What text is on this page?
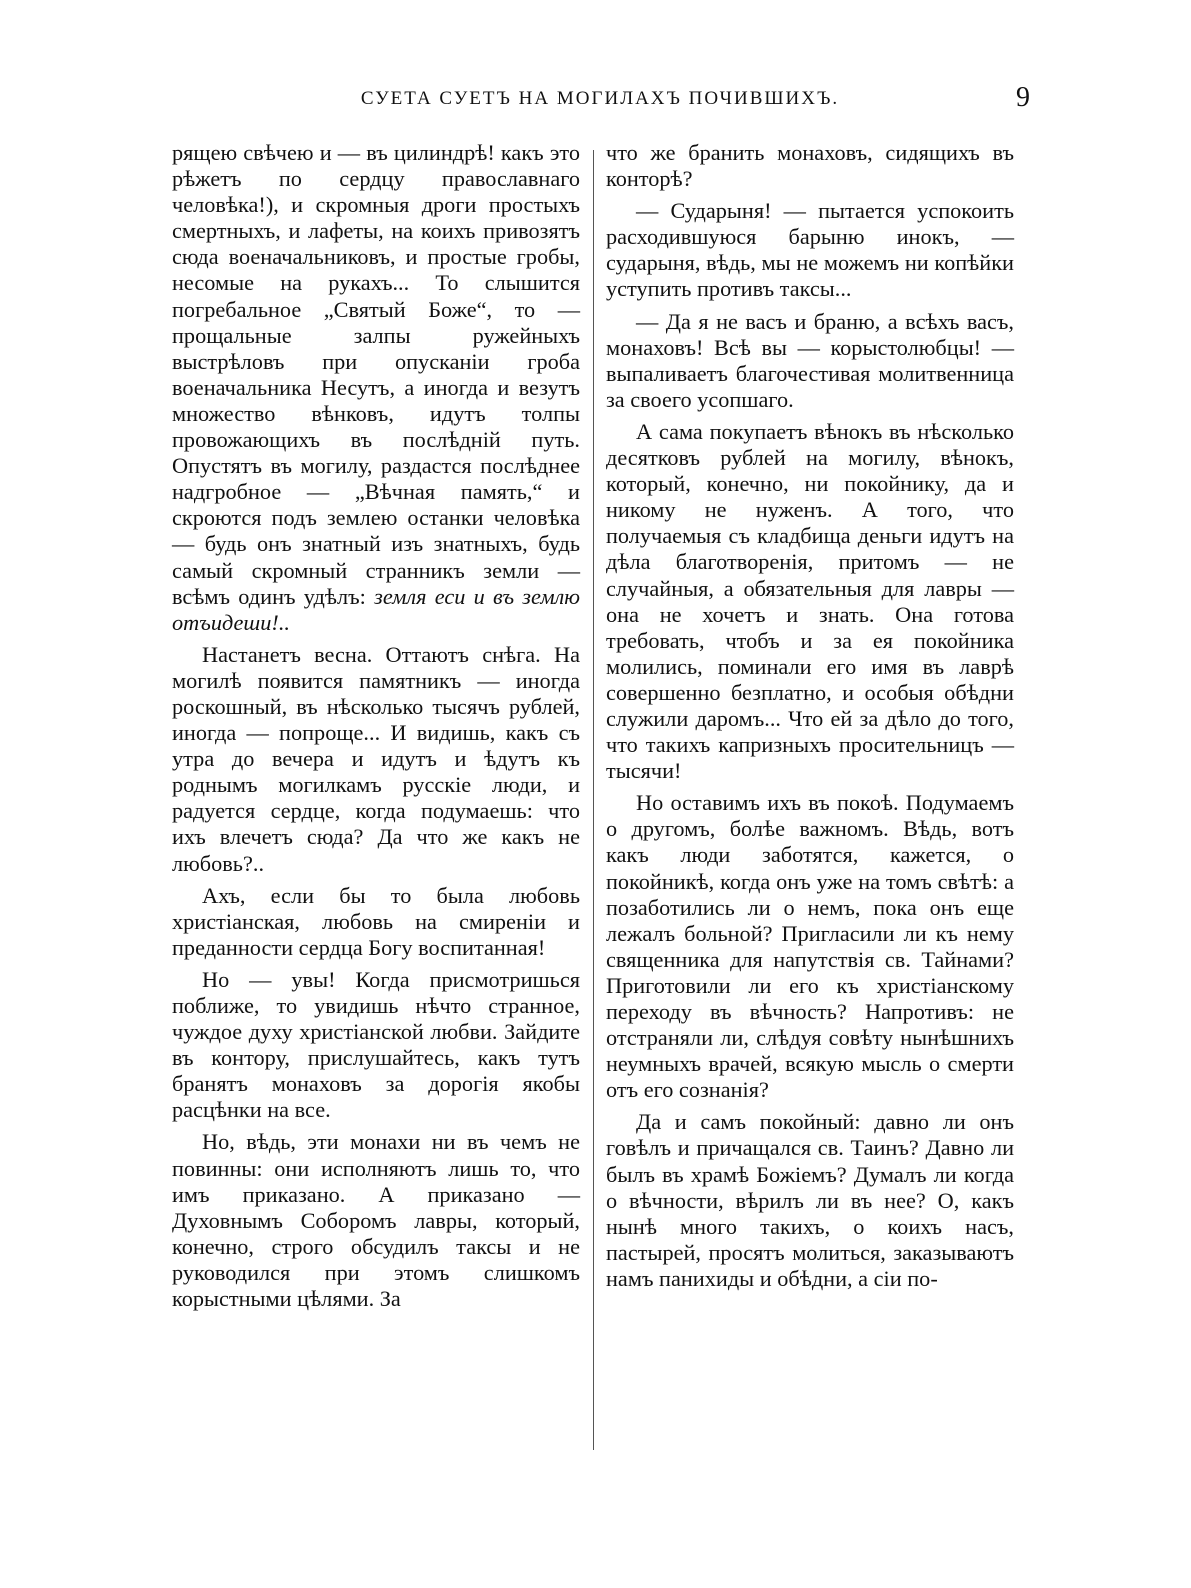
СУЕТА СУЕТЪ НА МОГИЛАХЪ ПОЧИВШИХЪ.	9

рящею свѣчею и — въ цилиндрѣ! какъ это рѣжетъ по сердцу православнаго человѣка!), и скромныя дроги простыхъ смертныхъ, и лафеты, на коихъ привозятъ сюда военачальниковъ, и простые гробы, несомые на рукахъ... То слышится погребальное „Святый Боже“, то — прощальные залпы ружейныхъ выстрѣловъ при опусканіи гроба военачальника Несутъ, а иногда и везутъ множество вѣнковъ, идутъ толпы провожающихъ въ послѣдній путь. Опустятъ въ могилу, раздастся послѣднее надгробное — „Вѣчная память,“ и скроются подъ землею останки человѣка — будь онъ знатный изъ знатныхъ, будь самый скромный странникъ земли — всѣмъ одинъ удѣлъ: земля еси и въ землю отъидеши!..

Настанетъ весна. Оттаютъ снѣга. На могилѣ появится памятникъ — иногда роскошный, въ нѣсколько тысячъ рублей, иногда — попроще... И видишь, какъ съ утра до вечера и идутъ и ѣдутъ къ роднымъ могилкамъ русскіе люди, и радуется сердце, когда подумаешь: что ихъ влечетъ сюда? Да что же какъ не любовь?..

Ахъ, если бы то была любовь христіанская, любовь на смиреніи и преданности сердца Богу воспитанная!

Но — увы! Когда присмотришься поближе, то увидишь нѣчто странное, чуждое духу христіанской любви. Зайдите въ контору, прислушайтесь, какъ тутъ бранятъ монаховъ за дорогія якобы расцѣнки на все.

Но, вѣдь, эти монахи ни въ чемъ не повинны: они исполняютъ лишь то, что имъ приказано. А приказано — Духовнымъ Соборомъ лавры, который, конечно, строго обсудилъ таксы и не руководился при этомъ слишкомъ корыстными цѣлями. За

что же бранить монаховъ, сидящихъ въ конторѣ?

— Сударыня! — пытается успокоить расходившуюся барыню инокъ, — сударыня, вѣдь, мы не можемъ ни копѣйки уступить противъ таксы...

— Да я не васъ и браню, а всѣхъ васъ, монаховъ! Всѣ вы — корыстолюбцы! — выпаливаетъ благочестивая молитвенница за своего усопшаго.

А сама покупаетъ вѣнокъ въ нѣсколько десятковъ рублей на могилу, вѣнокъ, который, конечно, ни покойнику, да и никому не нуженъ. А того, что получаемыя съ кладбища деньги идутъ на дѣла благотворенія, притомъ — не случайныя, а обязательныя для лавры — она не хочетъ и знать. Она готова требовать, чтобъ и за ея покойника молились, поминали его имя въ лаврѣ совершенно безплатно, и особыя обѣдни служили даромъ... Что ей за дѣло до того, что такихъ капризныхъ просительницъ — тысячи!

Но оставимъ ихъ въ покоѣ. Подумаемъ о другомъ, болѣе важномъ. Вѣдь, вотъ какъ люди заботятся, кажется, о покойникѣ, когда онъ уже на томъ свѣтѣ: а позаботились ли о немъ, пока онъ еще лежалъ больной? Пригласили ли къ нему священника для напутствія св. Тайнами? Приготовили ли его къ христіанскому переходу въ вѣчность? Напротивъ: не отстраняли ли, слѣдуя совѣту нынѣшнихъ неумныхъ врачей, всякую мысль о смерти отъ его сознанія?

Да и самъ покойный: давно ли онъ говѣлъ и причащался св. Таинъ? Давно ли былъ въ храмѣ Божіемъ? Думалъ ли когда о вѣчности, вѣрилъ ли въ нее? О, какъ нынѣ много такихъ, о коихъ насъ, пастырей, просятъ молиться, заказываютъ намъ панихиды и обѣдни, а сіи по-
